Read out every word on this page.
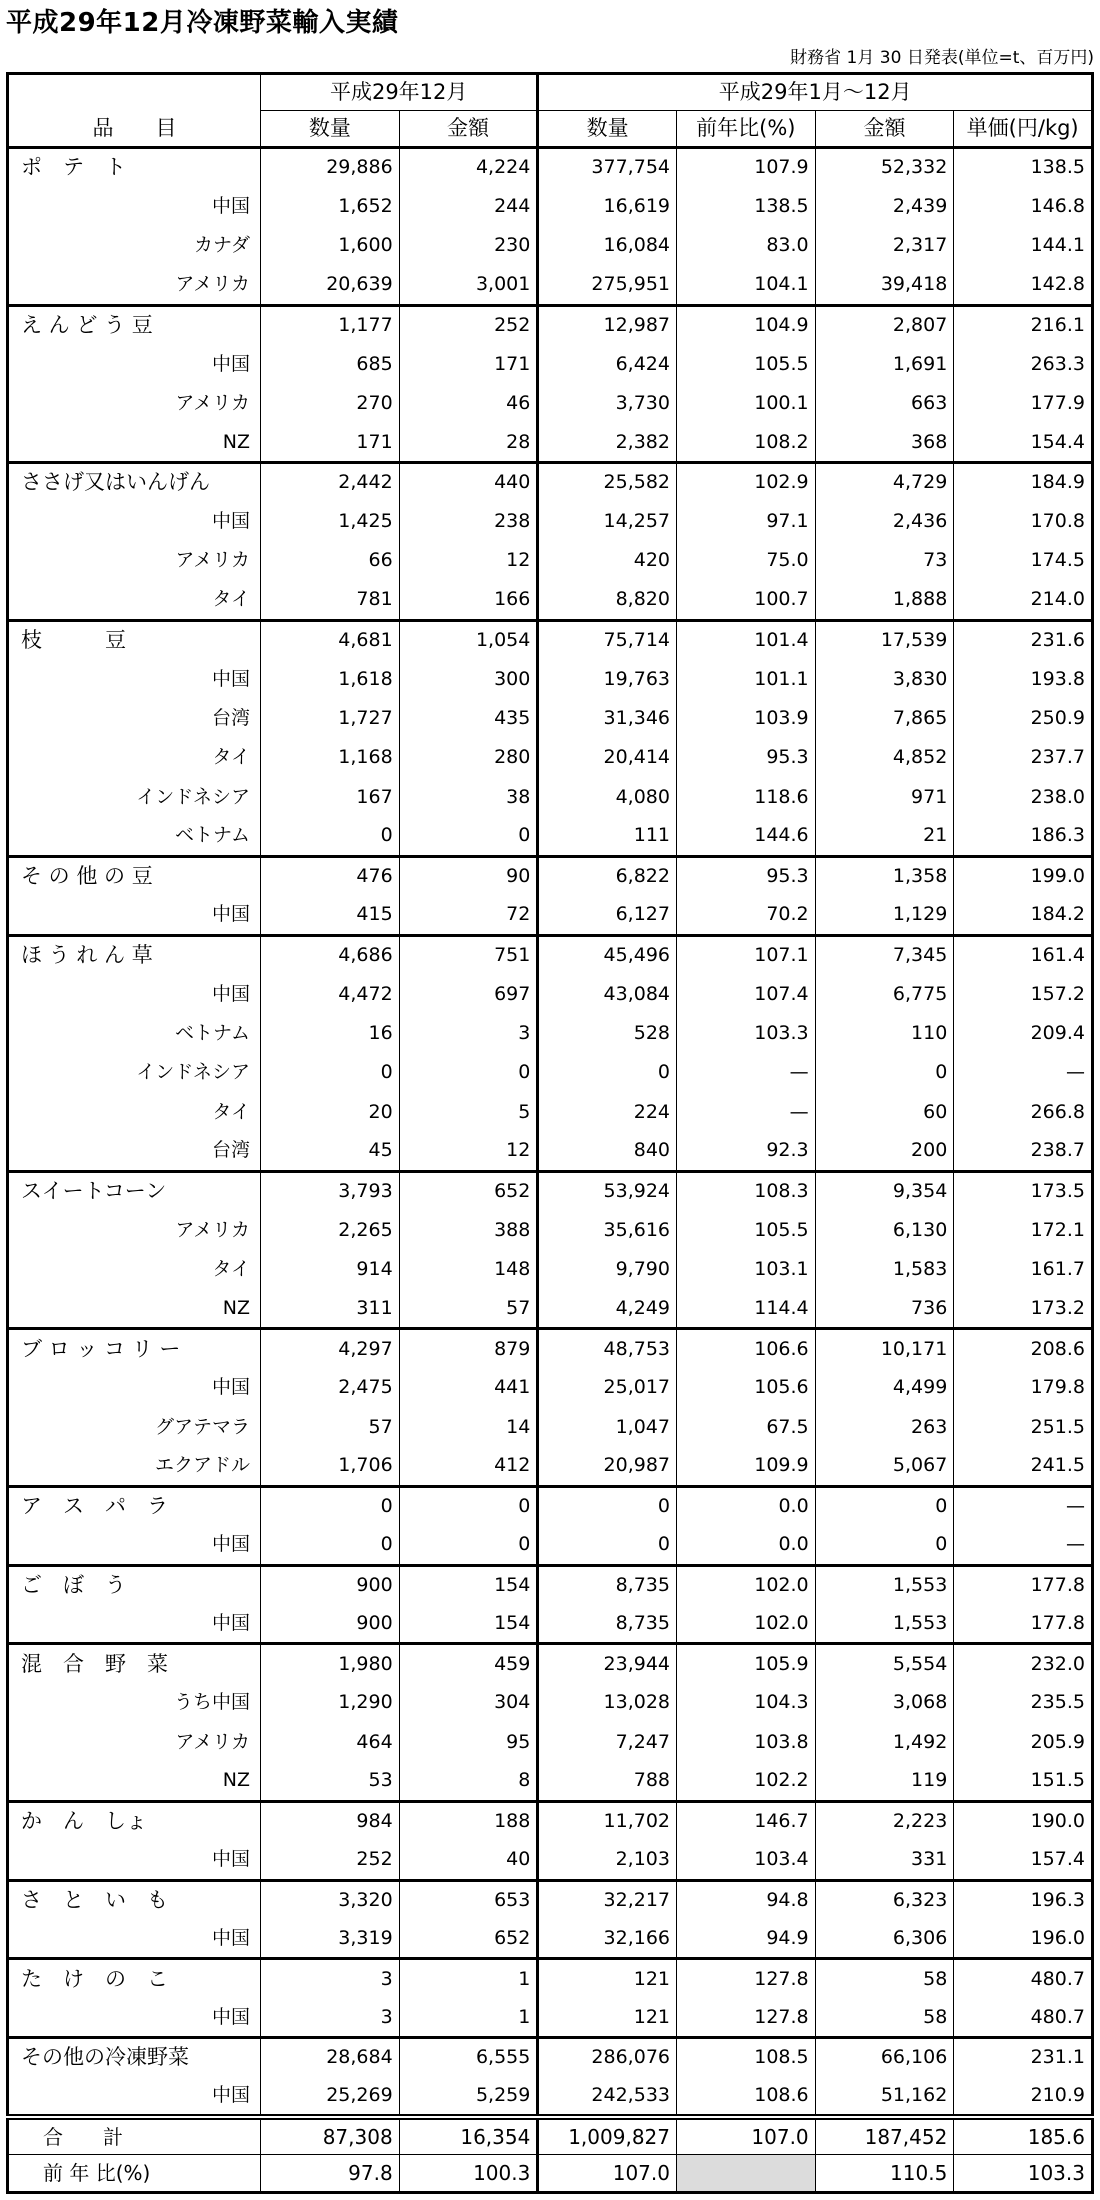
平成29年12月冷凍野菜輸入実績
財務省 1月 30 日発表(単位=t、百万円)
	平成29年12月		平成29年1月〜12月			
品　　目	数量	金額	数量	前年比(%)	金額	単価(円/kg)
ポ　テ　ト	29,886	4,224	377,754	107.9	52,332	138.5
中国	1,652	244	16,619	138.5	2,439	146.8
カナダ	1,600	230	16,084	83.0	2,317	144.1
アメリカ	20,639	3,001	275,951	104.1	39,418	142.8
え ん ど う 豆	1,177	252	12,987	104.9	2,807	216.1
中国	685	171	6,424	105.5	1,691	263.3
アメリカ	270	46	3,730	100.1	663	177.9
NZ	171	28	2,382	108.2	368	154.4
ささげ又はいんげん	2,442	440	25,582	102.9	4,729	184.9
中国	1,425	238	14,257	97.1	2,436	170.8
アメリカ	66	12	420	75.0	73	174.5
タイ	781	166	8,820	100.7	1,888	214.0
枝　　　豆	4,681	1,054	75,714	101.4	17,539	231.6
中国	1,618	300	19,763	101.1	3,830	193.8
台湾	1,727	435	31,346	103.9	7,865	250.9
タイ	1,168	280	20,414	95.3	4,852	237.7
インドネシア	167	38	4,080	118.6	971	238.0
ベトナム	0	0	111	144.6	21	186.3
そ の 他 の 豆	476	90	6,822	95.3	1,358	199.0
中国	415	72	6,127	70.2	1,129	184.2
ほ う れ ん 草	4,686	751	45,496	107.1	7,345	161.4
中国	4,472	697	43,084	107.4	6,775	157.2
ベトナム	16	3	528	103.3	110	209.4
インドネシア	0	0	0	—	0	—
タイ	20	5	224	—	60	266.8
台湾	45	12	840	92.3	200	238.7
スイートコーン	3,793	652	53,924	108.3	9,354	173.5
アメリカ	2,265	388	35,616	105.5	6,130	172.1
タイ	914	148	9,790	103.1	1,583	161.7
NZ	311	57	4,249	114.4	736	173.2
ブ ロ ッ コ リ ー	4,297	879	48,753	106.6	10,171	208.6
中国	2,475	441	25,017	105.6	4,499	179.8
グアテマラ	57	14	1,047	67.5	263	251.5
エクアドル	1,706	412	20,987	109.9	5,067	241.5
ア　ス　パ　ラ	0	0	0	0.0	0	—
中国	0	0	0	0.0	0	—
ご　ぼ　う	900	154	8,735	102.0	1,553	177.8
中国	900	154	8,735	102.0	1,553	177.8
混　合　野　菜	1,980	459	23,944	105.9	5,554	232.0
うち中国	1,290	304	13,028	104.3	3,068	235.5
アメリカ	464	95	7,247	103.8	1,492	205.9
NZ	53	8	788	102.2	119	151.5
か　ん　しょ	984	188	11,702	146.7	2,223	190.0
中国	252	40	2,103	103.4	331	157.4
さ　と　い　も	3,320	653	32,217	94.8	6,323	196.3
中国	3,319	652	32,166	94.9	6,306	196.0
た　け　の　こ	3	1	121	127.8	58	480.7
中国	3	1	121	127.8	58	480.7
その他の冷凍野菜	28,684	6,555	286,076	108.5	66,106	231.1
中国	25,269	5,259	242,533	108.6	51,162	210.9
合　　計	87,308	16,354	1,009,827	107.0	187,452	185.6
前 年 比(%)	97.8	100.3	107.0		110.5	103.3
